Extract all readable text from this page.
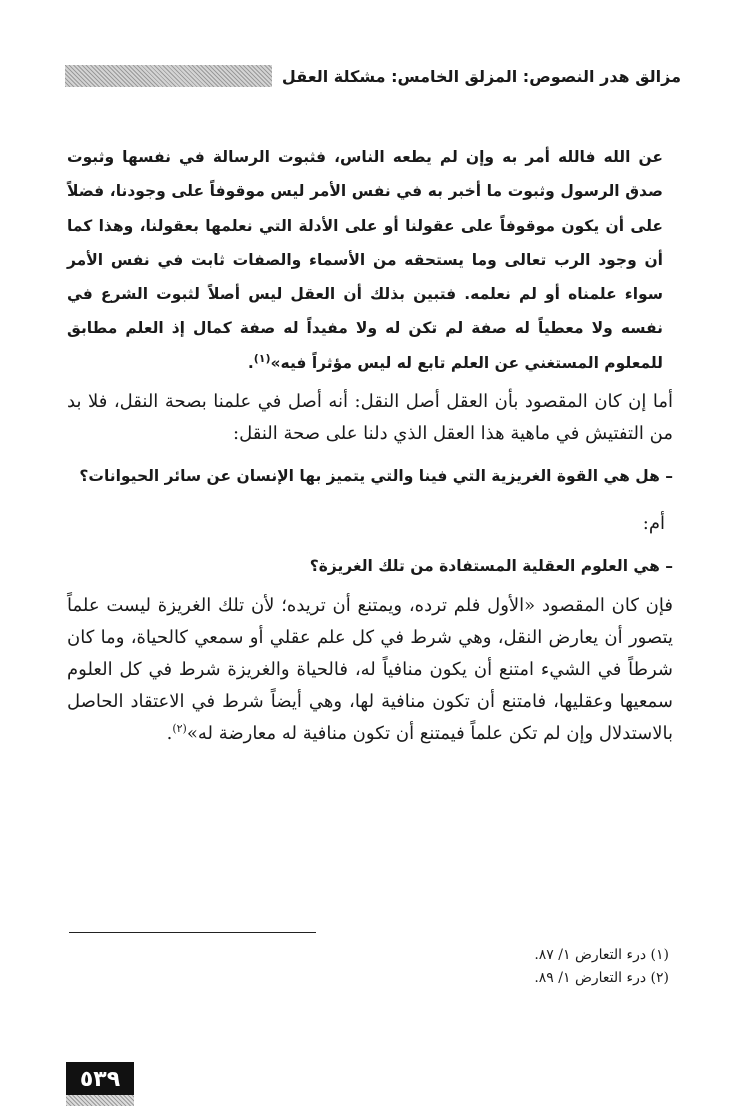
مزالق هدر النصوص: المزلق الخامس: مشكلة العقل

عن الله فالله أمر به وإن لم يطعه الناس، فثبوت الرسالة في نفسها وثبوت صدق الرسول وثبوت ما أخبر به في نفس الأمر ليس موقوفاً على وجودنا، فضلاً على أن يكون موقوفاً على عقولنا أو على الأدلة التي نعلمها بعقولنا، وهذا كما أن وجود الرب تعالى وما يستحقه من الأسماء والصفات ثابت في نفس الأمر سواء علمناه أو لم نعلمه. فتبين بذلك أن العقل ليس أصلاً لثبوت الشرع في نفسه ولا معطياً له صفة لم تكن له ولا مفيداً له صفة كمال إذ العلم مطابق للمعلوم المستغني عن العلم تابع له ليس مؤثراً فيه»$^{(١)}$.

أما إن كان المقصود بأن العقل أصل النقل: أنه أصل في علمنا بصحة النقل، فلا بد من التفتيش في ماهية هذا العقل الذي دلنا على صحة النقل:

– هل هي القوة الغريزية التي فينا والتي يتميز بها الإنسان عن سائر الحيوانات؟

أم:

– هي العلوم العقلية المستفادة من تلك الغريزة؟

فإن كان المقصود «الأول فلم ترده، ويمتنع أن تريده؛ لأن تلك الغريزة ليست علماً يتصور أن يعارض النقل، وهي شرط في كل علم عقلي أو سمعي كالحياة، وما كان شرطاً في الشيء امتنع أن يكون منافياً له، فالحياة والغريزة شرط في كل العلوم سمعيها وعقليها، فامتنع أن تكون منافية لها، وهي أيضاً شرط في الاعتقاد الحاصل بالاستدلال وإن لم تكن علماً فيمتنع أن تكون منافية له معارضة له»$^{(٢)}$.

(١) درء التعارض ١/ ٨٧.

(٢) درء التعارض ١/ ٨٩.

٥٣٩
